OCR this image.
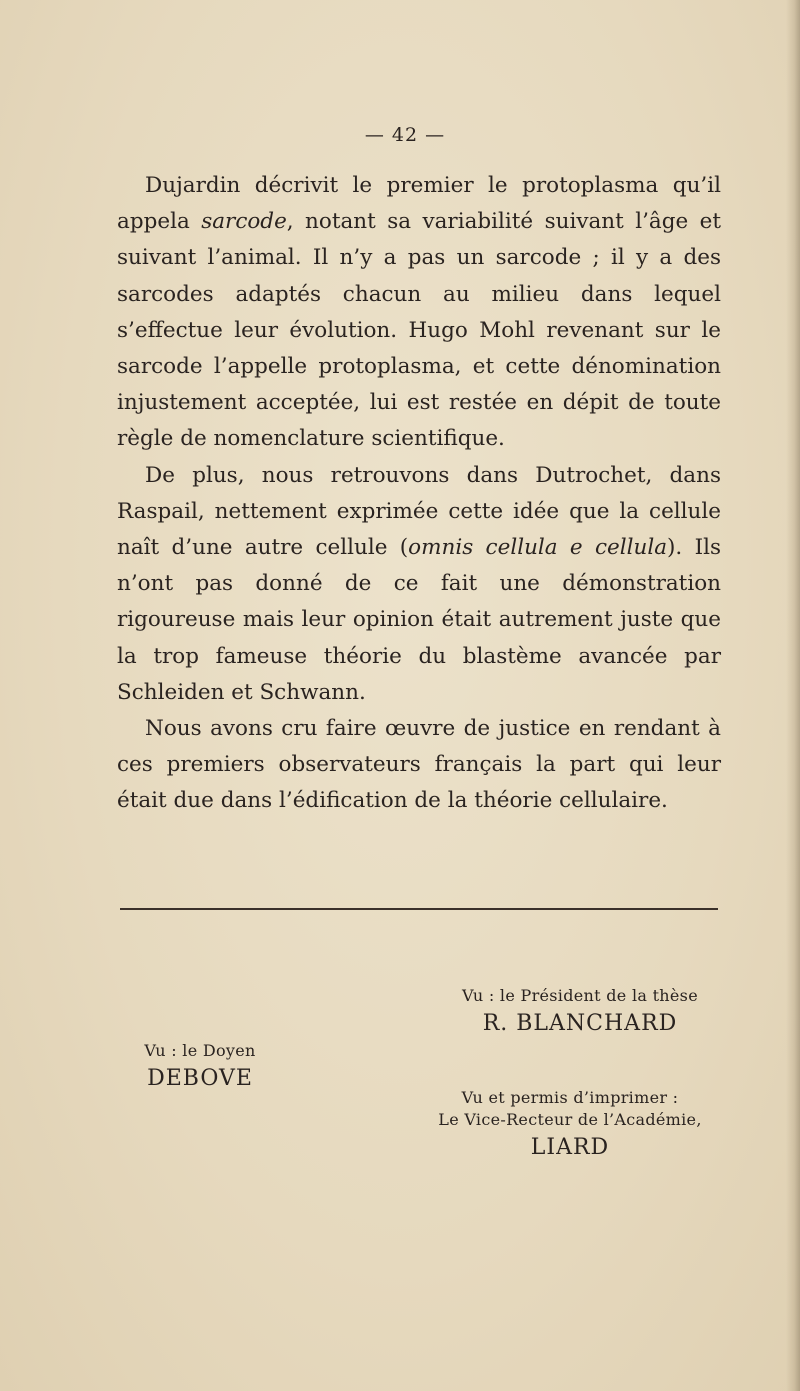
— 42 —

Dujardin décrivit le premier le protoplasma qu’il appela sarcode, notant sa variabilité suivant l’âge et suivant l’animal. Il n’y a pas un sarcode ; il y a des sarcodes adaptés chacun au milieu dans lequel s’effectue leur évolution. Hugo Mohl revenant sur le sarcode l’appelle protoplasma, et cette dénomination injustement acceptée, lui est restée en dépit de toute règle de nomenclature scientifique.

De plus, nous retrouvons dans Dutrochet, dans Raspail, nettement exprimée cette idée que la cellule naît d’une autre cellule (omnis cellula e cellula). Ils n’ont pas donné de ce fait une démonstration rigoureuse mais leur opinion était autrement juste que la trop fameuse théorie du blastème avancée par Schleiden et Schwann.

Nous avons cru faire œuvre de justice en rendant à ces premiers observateurs français la part qui leur était due dans l’édification de la théorie cellulaire.

Vu : le Président de la thèse
R. BLANCHARD
Vu : le Doyen
DEBOVE
Vu et permis d’imprimer :
Le Vice-Recteur de l’Académie,
LIARD
